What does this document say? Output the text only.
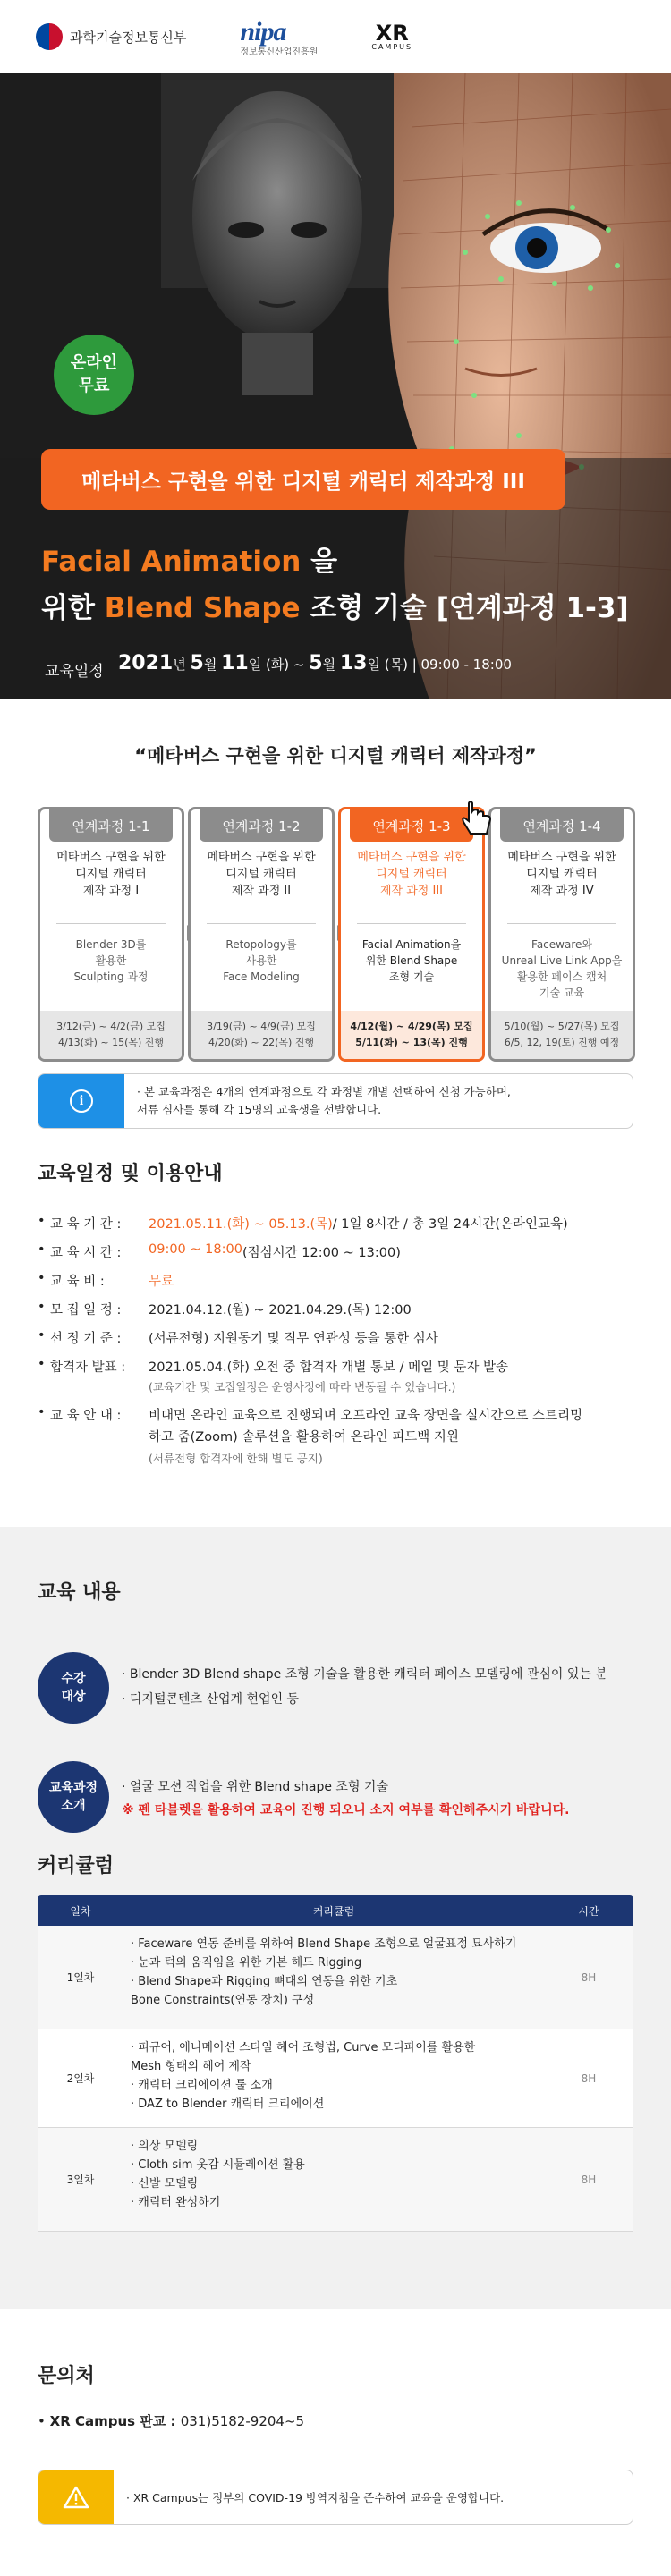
과학기술정보통신부 nipa
정보통신산업진흥원
XR
CAMPUS
온라인
무료
메타버스 구현을 위한 디지털 캐릭터 제작과정 III
Facial Animation 을
위한 Blend Shape 조형 기술 [연계과정 1-3]
교육일정 2021년 5월 11일 (화) ~ 5월 13일 (목) | 09:00 - 18:00
“메타버스 구현을 위한 디지털 캐릭터 제작과정”
연계과정 1-1
메타버스 구현을 위한
디지털 캐릭터
제작 과정 I
Blender 3D를
활용한
Sculpting 과정
3/12(금) ~ 4/2(금) 모집
4/13(화) ~ 15(목) 진행
연계과정 1-2
메타버스 구현을 위한
디지털 캐릭터
제작 과정 II
Retopology를
사용한
Face Modeling
3/19(금) ~ 4/9(금) 모집
4/20(화) ~ 22(목) 진행
연계과정 1-3
메타버스 구현을 위한
디지털 캐릭터
제작 과정 III
Facial Animation을
위한 Blend Shape
조형 기술
4/12(월) ~ 4/29(목) 모집
5/11(화) ~ 13(목) 진행
연계과정 1-4
메타버스 구현을 위한
디지털 캐릭터
제작 과정 IV
Faceware와
Unreal Live Link App을
활용한 페이스 캡처
기술 교육
5/10(월) ~ 5/27(목) 모집
6/5, 12, 19(토) 진행 예정
i
· 본 교육과정은 4개의 연계과정으로 각 과정별 개별 선택하여 신청 가능하며,
서류 심사를 통해 각 15명의 교육생을 선발합니다.
교육일정 및 이용안내
• 교 육 기 간 :	2021.05.11.(화) ~ 05.13.(목) / 1일 8시간 / 총 3일 24시간(온라인교육)
• 교 육 시 간 :	09:00 ~ 18:00 (점심시간 12:00 ~ 13:00)
• 교 육 비 :	무료
• 모 집 일 정 :	2021.04.12.(월) ~ 2021.04.29.(목) 12:00
• 선 정 기 준 :	(서류전형) 지원동기 및 직무 연관성 등을 통한 심사
• 합격자 발표 :	2021.05.04.(화) 오전 중 합격자 개별 통보 / 메일 및 문자 발송
(교육기간 및 모집일정은 운영사정에 따라 변동될 수 있습니다.)
• 교 육 안 내 :	비대면 온라인 교육으로 진행되며 오프라인 교육 장면을 실시간으로 스트리밍
하고 줌(Zoom) 솔루션을 활용하여 온라인 피드백 지원
(서류전형 합격자에 한해 별도 공지)
교육 내용
수강
대상
· Blender 3D Blend shape 조형 기술을 활용한 캐릭터 페이스 모델링에 관심이 있는 분
· 디지털콘텐츠 산업계 현업인 등
교육과정
소개
· 얼굴 모션 작업을 위한 Blend shape 조형 기술
※ 펜 타블렛을 활용하여 교육이 진행 되오니 소지 여부를 확인해주시기 바랍니다.
커리큘럼
일차	커리큘럼	시간
1일차
· Faceware 연동 준비를 위하여 Blend Shape 조형으로 얼굴표정 묘사하기
· 눈과 턱의 움직임을 위한 기본 헤드 Rigging
· Blend Shape과 Rigging 뼈대의 연동을 위한 기초
Bone Constraints(연동 장치) 구성
8H
2일차
· 피규어, 애니메이션 스타일 헤어 조형법, Curve 모디파이를 활용한
Mesh 형태의 헤어 제작
· 캐릭터 크리에이션 툴 소개
· DAZ to Blender 캐릭터 크리에이션
8H
3일차
· 의상 모델링
· Cloth sim 옷감 시뮬레이션 활용
· 신발 모델링
· 캐릭터 완성하기
8H
문의처
• XR Campus 판교 : 031)5182-9204~5
· XR Campus는 정부의 COVID-19 방역지침을 준수하여 교육을 운영합니다.
